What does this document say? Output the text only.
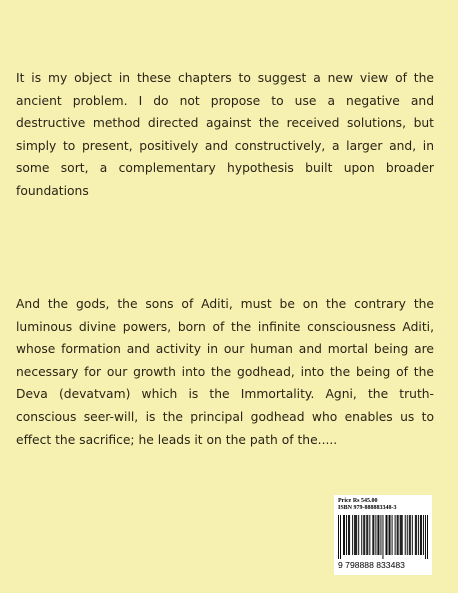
It is my object in these chapters to suggest a new view of the ancient problem. I do not propose to use a negative and destructive method directed against the received solutions, but simply to present, positively and constructively, a larger and, in some sort, a complementary hypothesis built upon broader foundations

And the gods, the sons of Aditi, must be on the contrary the luminous divine powers, born of the infinite consciousness Aditi, whose formation and activity in our human and mortal being are necessary for our growth into the godhead, into the being of the Deva (devatvam) which is the Immortality. Agni, the truth-conscious seer-will, is the principal godhead who enables us to effect the sacrifice; he leads it on the path of the.....

Price Rs 545.00
ISBN 979-888883348-3
9 798888 833483
